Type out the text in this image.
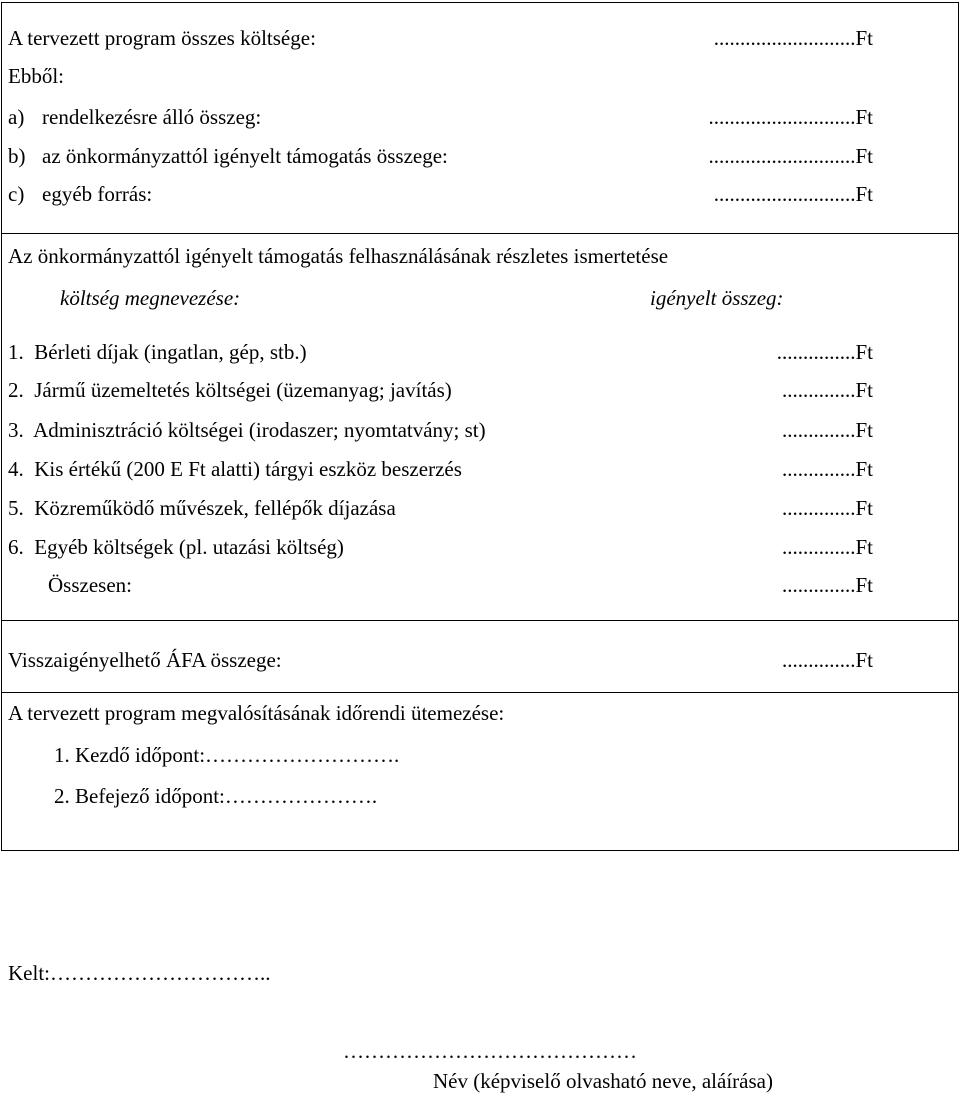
A tervezett program összes költsége:	...........................Ft
Ebből:
a) rendelkezésre álló összeg:	............................Ft
b) az önkormányzattól igényelt támogatás összege:	............................Ft
c) egyéb forrás:	...........................Ft
Az önkormányzattól igényelt támogatás felhasználásának részletes ismertetése
költség megnevezése:	igényelt összeg:
1.  Bérleti díjak (ingatlan, gép, stb.)	...............Ft
2.  Jármű üzemeltetés költségei (üzemanyag; javítás)	..............Ft
3.  Adminisztráció költségei (irodaszer; nyomtatvány; st)	..............Ft
4.  Kis értékű (200 E Ft alatti) tárgyi eszköz beszerzés	..............Ft
5.  Közreműködő művészek, fellépők díjazása	..............Ft
6.  Egyéb költségek (pl. utazási költség)	..............Ft
Összesen:	..............Ft
Visszaigényelhető ÁFA összege:	..............Ft
A tervezett program megvalósításának időrendi ütemezése:
1. Kezdő időpont:……………………….
2. Befejező időpont:………………….
Kelt:…………………………..
……………………………………
Név (képviselő olvasható neve, aláírása)
